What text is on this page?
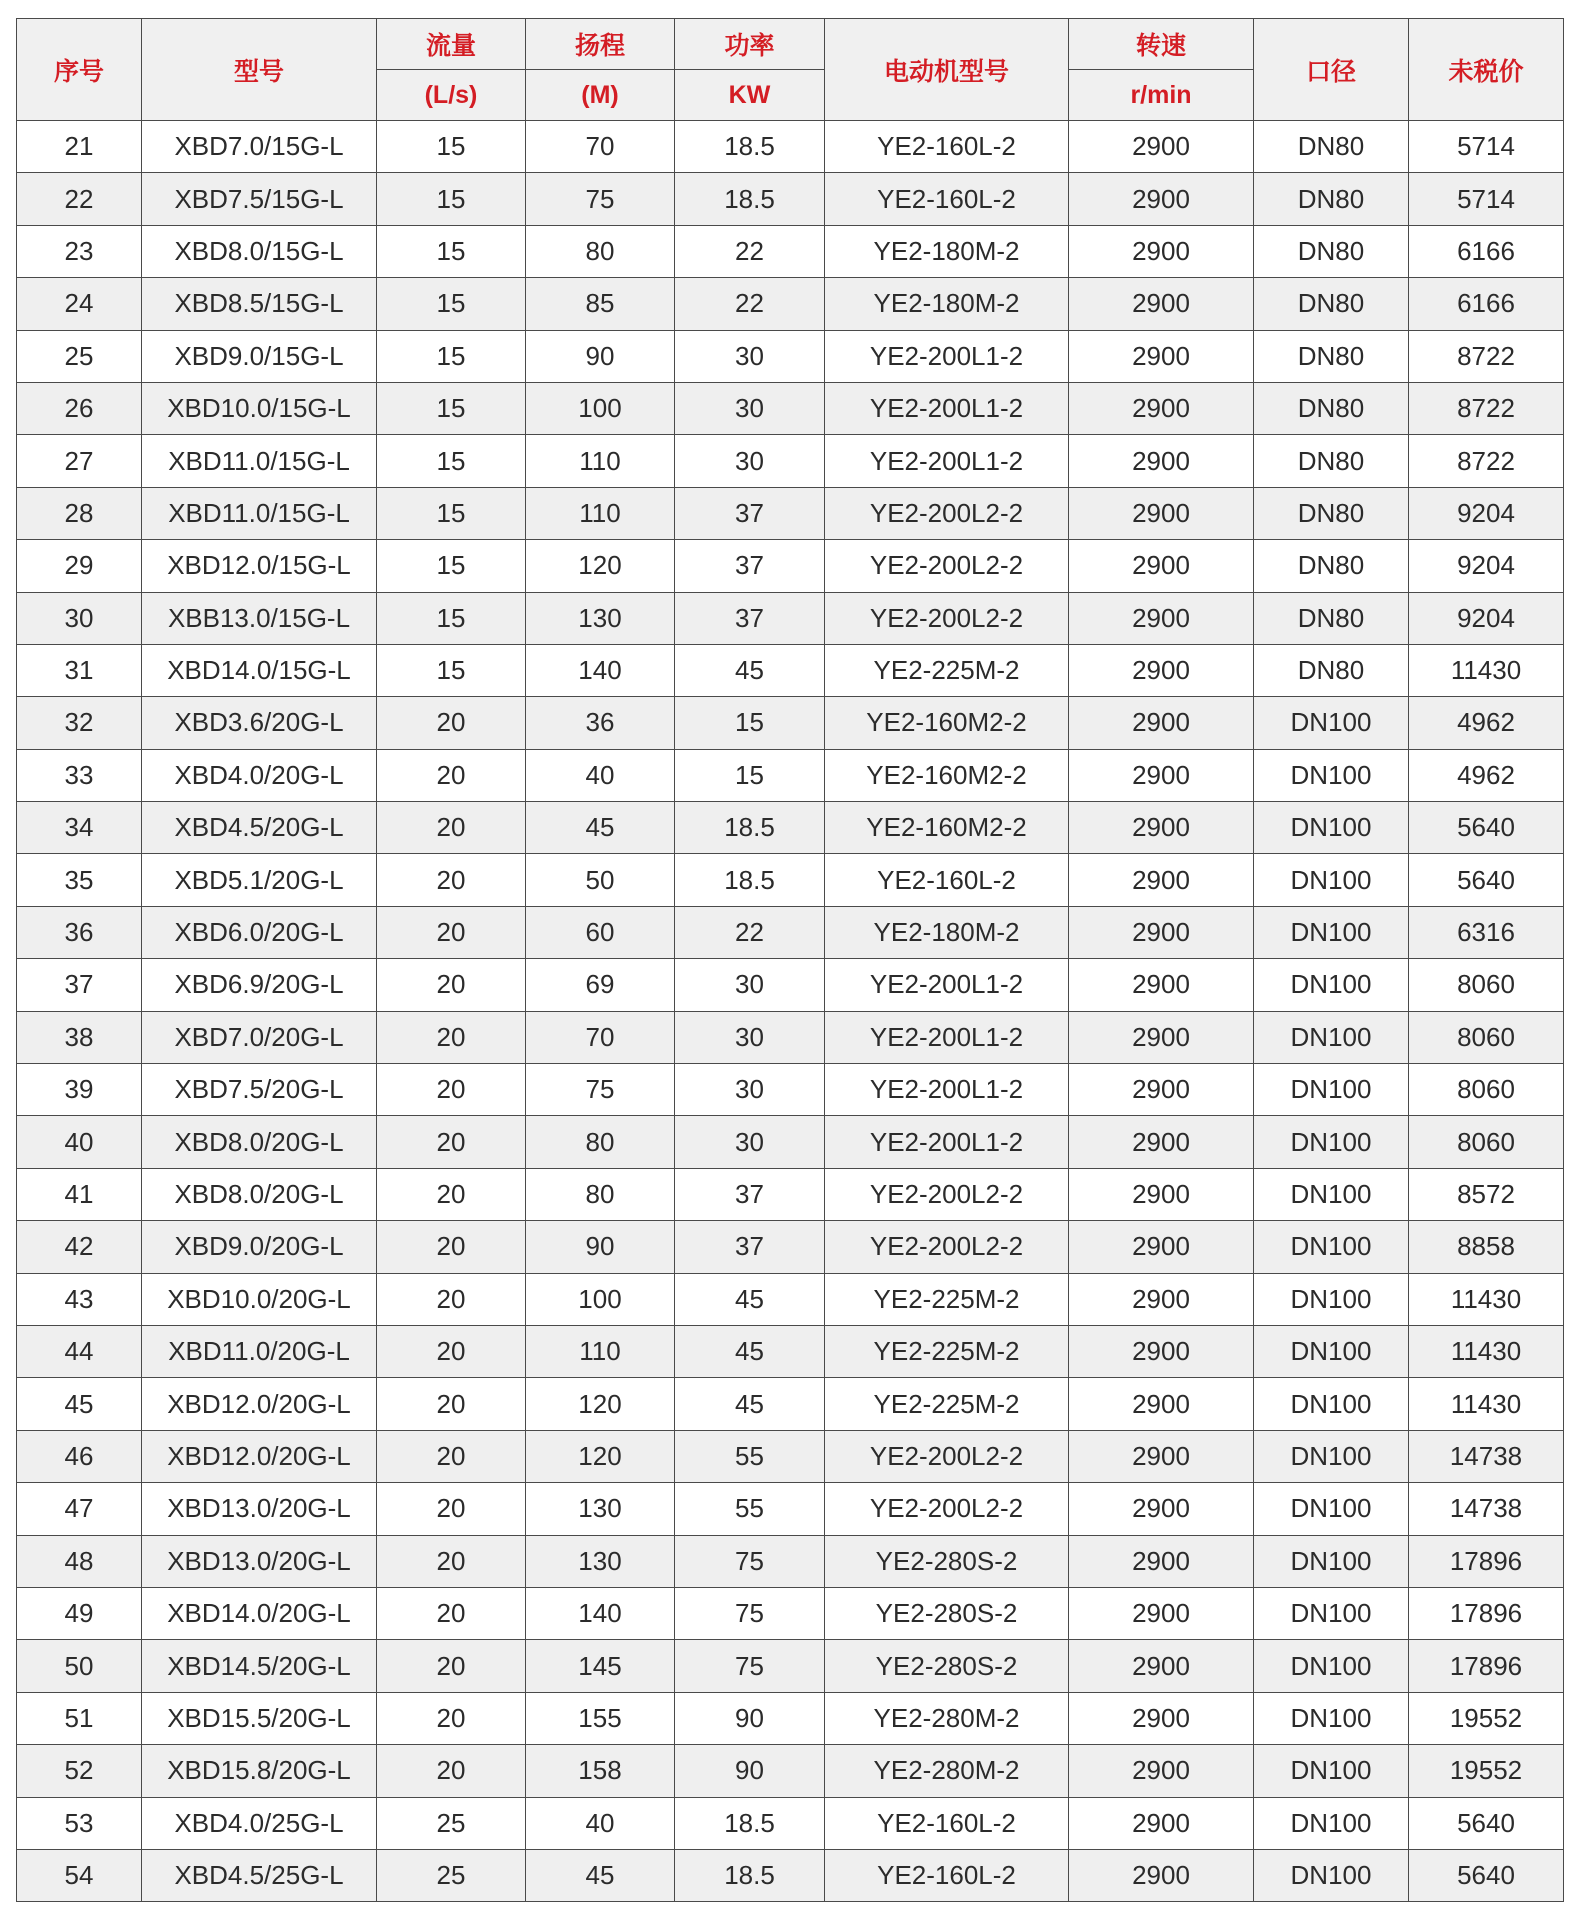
序号	型号	流量	扬程	功率	电动机型号	转速	口径	未税价
		(L/s)	(M)	KW		r/min		
21	XBD7.0/15G-L	15	70	18.5	YE2-160L-2	2900	DN80	5714
22	XBD7.5/15G-L	15	75	18.5	YE2-160L-2	2900	DN80	5714
23	XBD8.0/15G-L	15	80	22	YE2-180M-2	2900	DN80	6166
24	XBD8.5/15G-L	15	85	22	YE2-180M-2	2900	DN80	6166
25	XBD9.0/15G-L	15	90	30	YE2-200L1-2	2900	DN80	8722
26	XBD10.0/15G-L	15	100	30	YE2-200L1-2	2900	DN80	8722
27	XBD11.0/15G-L	15	110	30	YE2-200L1-2	2900	DN80	8722
28	XBD11.0/15G-L	15	110	37	YE2-200L2-2	2900	DN80	9204
29	XBD12.0/15G-L	15	120	37	YE2-200L2-2	2900	DN80	9204
30	XBB13.0/15G-L	15	130	37	YE2-200L2-2	2900	DN80	9204
31	XBD14.0/15G-L	15	140	45	YE2-225M-2	2900	DN80	11430
32	XBD3.6/20G-L	20	36	15	YE2-160M2-2	2900	DN100	4962
33	XBD4.0/20G-L	20	40	15	YE2-160M2-2	2900	DN100	4962
34	XBD4.5/20G-L	20	45	18.5	YE2-160M2-2	2900	DN100	5640
35	XBD5.1/20G-L	20	50	18.5	YE2-160L-2	2900	DN100	5640
36	XBD6.0/20G-L	20	60	22	YE2-180M-2	2900	DN100	6316
37	XBD6.9/20G-L	20	69	30	YE2-200L1-2	2900	DN100	8060
38	XBD7.0/20G-L	20	70	30	YE2-200L1-2	2900	DN100	8060
39	XBD7.5/20G-L	20	75	30	YE2-200L1-2	2900	DN100	8060
40	XBD8.0/20G-L	20	80	30	YE2-200L1-2	2900	DN100	8060
41	XBD8.0/20G-L	20	80	37	YE2-200L2-2	2900	DN100	8572
42	XBD9.0/20G-L	20	90	37	YE2-200L2-2	2900	DN100	8858
43	XBD10.0/20G-L	20	100	45	YE2-225M-2	2900	DN100	11430
44	XBD11.0/20G-L	20	110	45	YE2-225M-2	2900	DN100	11430
45	XBD12.0/20G-L	20	120	45	YE2-225M-2	2900	DN100	11430
46	XBD12.0/20G-L	20	120	55	YE2-200L2-2	2900	DN100	14738
47	XBD13.0/20G-L	20	130	55	YE2-200L2-2	2900	DN100	14738
48	XBD13.0/20G-L	20	130	75	YE2-280S-2	2900	DN100	17896
49	XBD14.0/20G-L	20	140	75	YE2-280S-2	2900	DN100	17896
50	XBD14.5/20G-L	20	145	75	YE2-280S-2	2900	DN100	17896
51	XBD15.5/20G-L	20	155	90	YE2-280M-2	2900	DN100	19552
52	XBD15.8/20G-L	20	158	90	YE2-280M-2	2900	DN100	19552
53	XBD4.0/25G-L	25	40	18.5	YE2-160L-2	2900	DN100	5640
54	XBD4.5/25G-L	25	45	18.5	YE2-160L-2	2900	DN100	5640
